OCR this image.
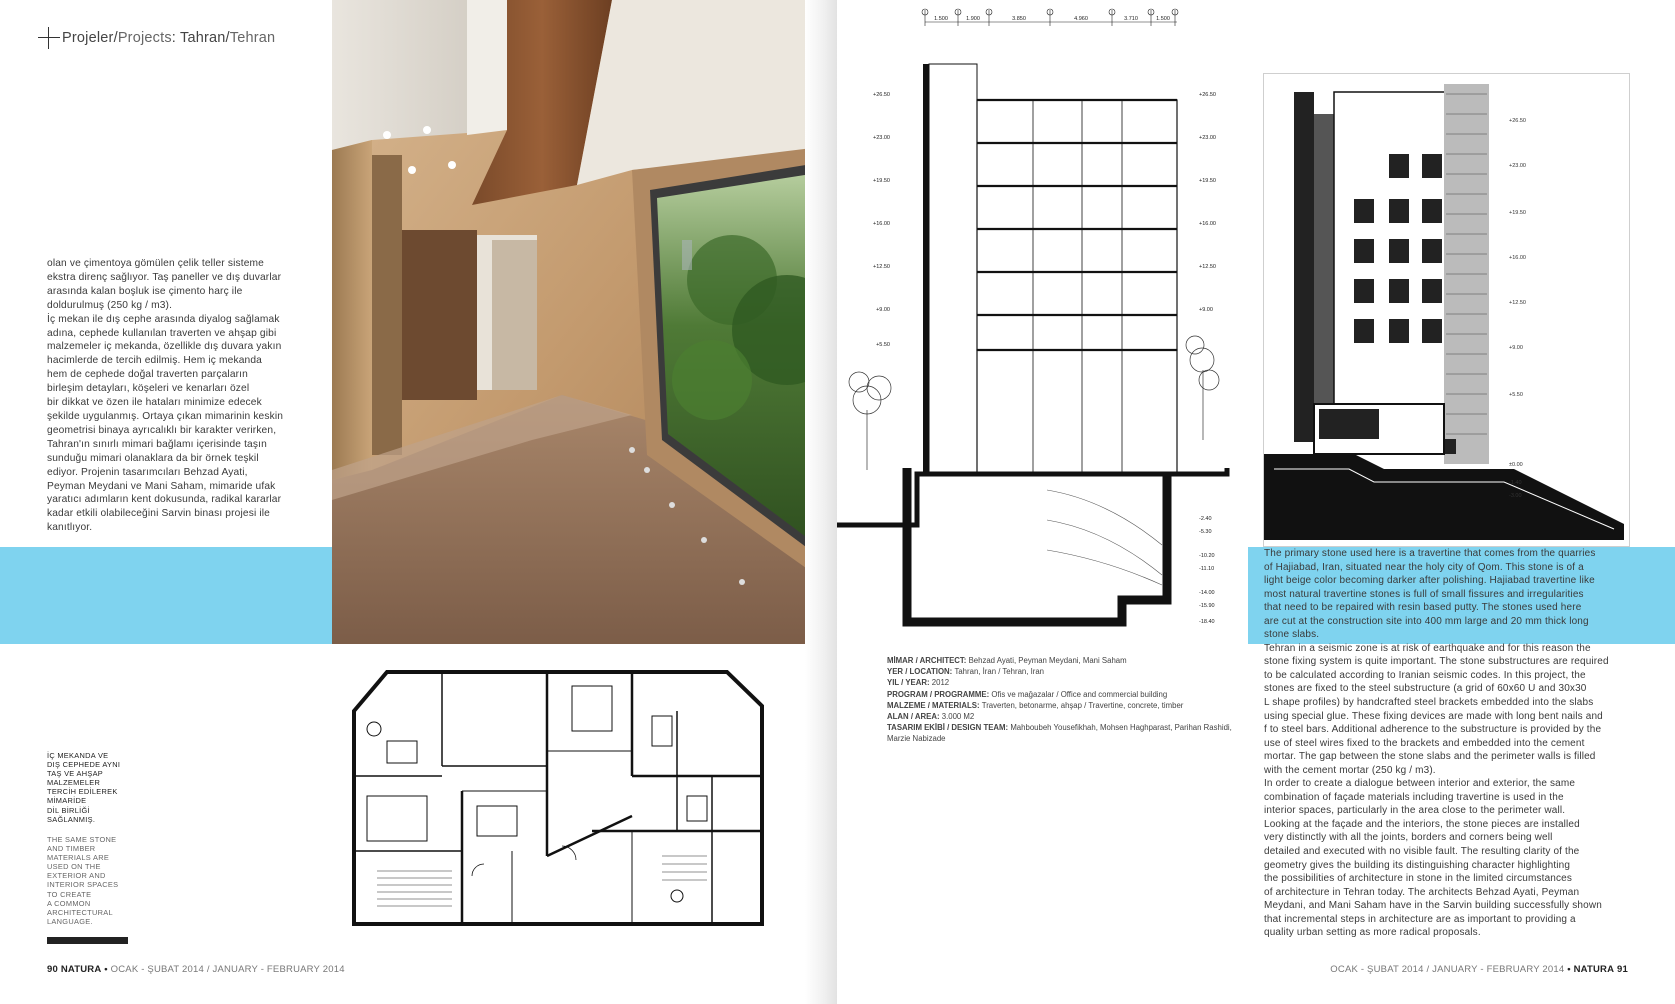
Projeler/Projects: Tahran/Tehran
olan ve çimentoya gömülen çelik teller sisteme
ekstra direnç sağlıyor. Taş paneller ve dış duvarlar
arasında kalan boşluk ise çimento harç ile
doldurulmuş (250 kg / m3).
İç mekan ile dış cephe arasında diyalog sağlamak
adına, cephede kullanılan traverten ve ahşap gibi
malzemeler iç mekanda, özellikle dış duvara yakın
hacimlerde de tercih edilmiş. Hem iç mekanda
hem de cephede doğal traverten parçaların
birleşim detayları, köşeleri ve kenarları özel
bir dikkat ve özen ile hataları minimize edecek
şekilde uygulanmış. Ortaya çıkan mimarinin keskin
geometrisi binaya ayrıcalıklı bir karakter verirken,
Tahran'ın sınırlı mimari bağlamı içerisinde taşın
sunduğu mimari olanaklara da bir örnek teşkil
ediyor. Projenin tasarımcıları Behzad Ayati,
Peyman Meydani ve Mani Saham, mimaride ufak
yaratıcı adımların kent dokusunda, radikal kararlar
kadar etkili olabileceğini Sarvin binası projesi ile
kanıtlıyor.
İÇ MEKANDA VE
DIŞ CEPHEDE AYNI
TAŞ VE AHŞAP
MALZEMELER
TERCİH EDİLEREK
MİMARİDE
DİL BİRLİĞİ
SAĞLANMIŞ.
THE SAME STONE
AND TIMBER
MATERIALS ARE
USED ON THE
EXTERIOR AND
INTERIOR SPACES
TO CREATE
A COMMON
ARCHITECTURAL
LANGUAGE.
+26.50
+23.00
+19.50
+16.00
+12.50
+9.00
+5.50
+26.50
+23.00
+19.50
+16.00
+12.50
+9.00
-2.40
-5.30
-10.20
-11.10
-14.00
-15.90
-18.40
1.500	1.900	3.850	4.960	3.710	1.500
MİMAR / ARCHITECT: Behzad Ayati, Peyman Meydani, Mani Saham
YER / LOCATION: Tahran, İran / Tehran, Iran
YIL / YEAR: 2012
PROGRAM / PROGRAMME: Ofis ve mağazalar / Office and commercial building
MALZEME / MATERIALS: Traverten, betonarme, ahşap / Travertine, concrete, timber
ALAN / AREA: 3.000 M2
TASARIM EKİBİ / DESIGN TEAM: Mahboubeh Yousefikhah, Mohsen Haghparast, Parihan Rashidi,
Marzie Nabizade
+26.50
+23.00
+19.50
+16.00
+12.50
+9.00
+5.50
±0.00
-1.40
-3.00
The primary stone used here is a travertine that comes from the quarries
of Hajiabad, Iran, situated near the holy city of Qom. This stone is of a
light beige color becoming darker after polishing. Hajiabad travertine like
most natural travertine stones is full of small fissures and irregularities
that need to be repaired with resin based putty. The stones used here
are cut at the construction site into 400 mm large and 20 mm thick long
stone slabs.
Tehran in a seismic zone is at risk of earthquake and for this reason the
stone fixing system is quite important. The stone substructures are required
to be calculated according to Iranian seismic codes. In this project, the
stones are fixed to the steel substructure (a grid of 60x60 U and 30x30
L shape profiles) by handcrafted steel brackets embedded into the slabs
using special glue. These fixing devices are made with long bent nails and
f to steel bars. Additional adherence to the substructure is provided by the
use of steel wires fixed to the brackets and embedded into the cement
mortar. The gap between the stone slabs and the perimeter walls is filled
with the cement mortar (250 kg / m3).
In order to create a dialogue between interior and exterior, the same
combination of façade materials including travertine is used in the
interior spaces, particularly in the area close to the perimeter wall.
Looking at the façade and the interiors, the stone pieces are installed
very distinctly with all the joints, borders and corners being well
detailed and executed with no visible fault. The resulting clarity of the
geometry gives the building its distinguishing character highlighting
the possibilities of architecture in stone in the limited circumstances
of architecture in Tehran today. The architects Behzad Ayati, Peyman
Meydani, and Mani Saham have in the Sarvin building successfully shown
that incremental steps in architecture are as important to providing a
quality urban setting as more radical proposals.
90 NATURA • OCAK - ŞUBAT 2014 / JANUARY - FEBRUARY 2014	OCAK - ŞUBAT 2014 / JANUARY - FEBRUARY 2014 • NATURA 91
